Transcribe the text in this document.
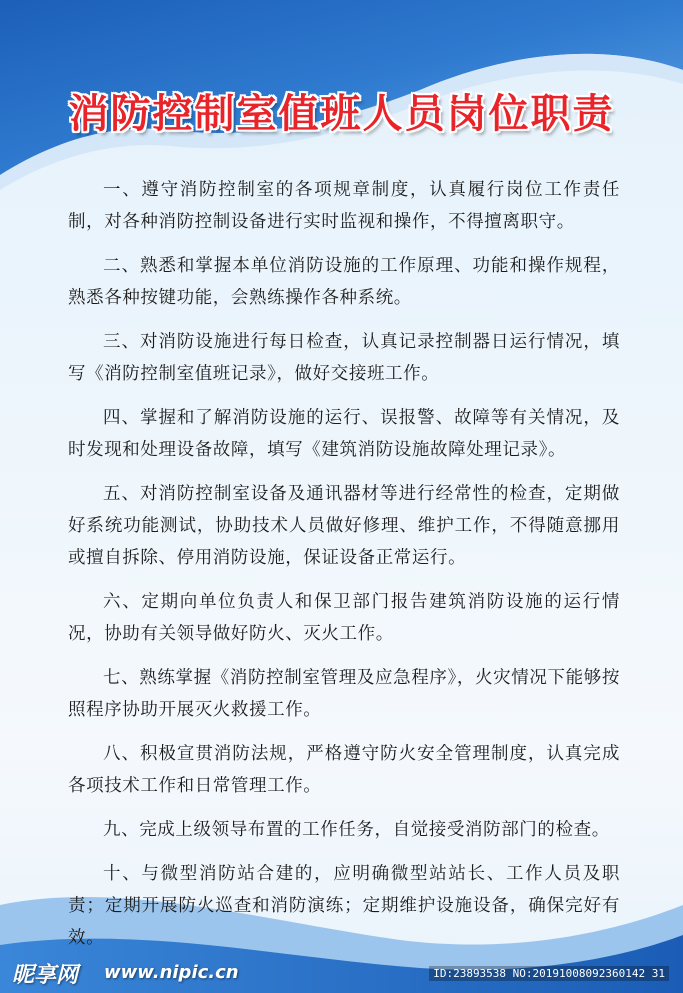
消防控制室值班人员岗位职责

一、遵守消防控制室的各项规章制度，认真履行岗位工作责任制，对各种消防控制设备进行实时监视和操作，不得擅离职守。

二、熟悉和掌握本单位消防设施的工作原理、功能和操作规程，熟悉各种按键功能，会熟练操作各种系统。

三、对消防设施进行每日检查，认真记录控制器日运行情况，填写《消防控制室值班记录》，做好交接班工作。

四、掌握和了解消防设施的运行、误报警、故障等有关情况，及时发现和处理设备故障，填写《建筑消防设施故障处理记录》。

五、对消防控制室设备及通讯器材等进行经常性的检查，定期做好系统功能测试，协助技术人员做好修理、维护工作，不得随意挪用或擅自拆除、停用消防设施，保证设备正常运行。

六、定期向单位负责人和保卫部门报告建筑消防设施的运行情况，协助有关领导做好防火、灭火工作。

七、熟练掌握《消防控制室管理及应急程序》，火灾情况下能够按照程序协助开展灭火救援工作。

八、积极宣贯消防法规，严格遵守防火安全管理制度，认真完成各项技术工作和日常管理工作。

九、完成上级领导布置的工作任务，自觉接受消防部门的检查。

十、与微型消防站合建的，应明确微型站站长、工作人员及职责；定期开展防火巡查和消防演练；定期维护设施设备，确保完好有效。

昵享网 www.nipic.cn	ID:23893538 NO:20191008092360142 31
